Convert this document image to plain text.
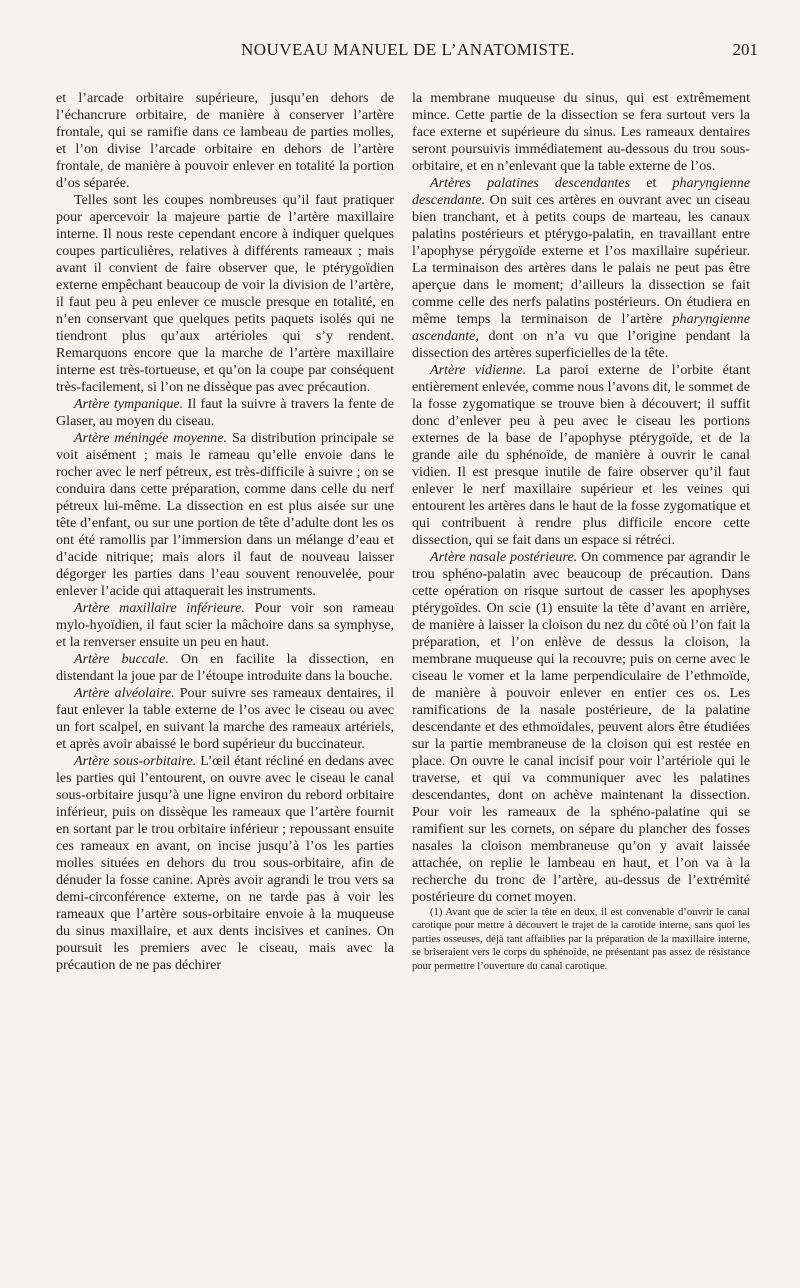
NOUVEAU MANUEL DE L’ANATOMISTE.	201

et l’arcade orbitaire supérieure, jusqu’en dehors de l’échancrure orbitaire, de manière à conserver l’artère frontale, qui se ramifie dans ce lambeau de parties molles, et l’on divise l’arcade orbitaire en dehors de l’artère frontale, de manière à pouvoir enlever en totalité la portion d’os séparée.

Telles sont les coupes nombreuses qu’il faut pratiquer pour apercevoir la majeure partie de l’artère maxillaire interne. Il nous reste cependant encore à indiquer quelques coupes particulières, relatives à différents rameaux ; mais avant il convient de faire observer que, le ptérygoïdien externe empêchant beaucoup de voir la division de l’artère, il faut peu à peu enlever ce muscle presque en totalité, en n’en conservant que quelques petits paquets isolés qui ne tiendront plus qu’aux artérioles qui s’y rendent. Remarquons encore que la marche de l’artère maxillaire interne est très-tortueuse, et qu’on la coupe par conséquent très-facilement, si l’on ne dissèque pas avec précaution.

Artère tympanique. Il faut la suivre à travers la fente de Glaser, au moyen du ciseau.

Artère méningée moyenne. Sa distribution principale se voit aisément ; mais le rameau qu’elle envoie dans le rocher avec le nerf pétreux, est très-difficile à suivre ; on se conduira dans cette préparation, comme dans celle du nerf pétreux lui-même. La dissection en est plus aisée sur une tête d’enfant, ou sur une portion de tête d’adulte dont les os ont été ramollis par l’immersion dans un mélange d’eau et d’acide nitrique; mais alors il faut de nouveau laisser dégorger les parties dans l’eau souvent renouvelée, pour enlever l’acide qui attaquerait les instruments.

Artère maxillaire inférieure. Pour voir son rameau mylo-hyoïdien, il faut scier la mâchoire dans sa symphyse, et la renverser ensuite un peu en haut.

Artère buccale. On en facilite la dissection, en distendant la joue par de l’étoupe introduite dans la bouche.

Artère alvéolaire. Pour suivre ses rameaux dentaires, il faut enlever la table externe de l’os avec le ciseau ou avec un fort scalpel, en suivant la marche des rameaux artériels, et après avoir abaissé le bord supérieur du buccinateur.

Artère sous-orbitaire. L’œil étant récliné en dedans avec les parties qui l’entourent, on ouvre avec le ciseau le canal sous-orbitaire jusqu’à une ligne environ du rebord orbitaire inférieur, puis on dissèque les rameaux que l’artère fournit en sortant par le trou orbitaire inférieur ; repoussant ensuite ces rameaux en avant, on incise jusqu’à l’os les parties molles situées en dehors du trou sous-orbitaire, afin de dénuder la fosse canine. Après avoir agrandi le trou vers sa demi-circonférence externe, on ne tarde pas à voir les rameaux que l’artère sous-orbitaire envoie à la muqueuse du sinus maxillaire, et aux dents incisives et canines. On poursuit les premiers avec le ciseau, mais avec la précaution de ne pas déchirer

la membrane muqueuse du sinus, qui est extrêmement mince. Cette partie de la dissection se fera surtout vers la face externe et supérieure du sinus. Les rameaux dentaires seront poursuivis immédiatement au-dessous du trou sous-orbitaire, et en n’enlevant que la table externe de l’os.

Artères palatines descendantes et pharyngienne descendante. On suit ces artères en ouvrant avec un ciseau bien tranchant, et à petits coups de marteau, les canaux palatins postérieurs et ptérygo-palatin, en travaillant entre l’apophyse pérygoïde externe et l’os maxillaire supérieur. La terminaison des artères dans le palais ne peut pas être aperçue dans le moment; d’ailleurs la dissection se fait comme celle des nerfs palatins postérieurs. On étudiera en même temps la terminaison de l’artère pharyngienne ascendante, dont on n’a vu que l’origine pendant la dissection des artères superficielles de la tête.

Artère vidienne. La paroi externe de l’orbite étant entièrement enlevée, comme nous l’avons dit, le sommet de la fosse zygomatique se trouve bien à découvert; il suffit donc d’enlever peu à peu avec le ciseau les portions externes de la base de l’apophyse ptérygoïde, et de la grande aile du sphénoïde, de manière à ouvrir le canal vidien. Il est presque inutile de faire observer qu’il faut enlever le nerf maxillaire supérieur et les veines qui entourent les artères dans le haut de la fosse zygomatique et qui contribuent à rendre plus difficile encore cette dissection, qui se fait dans un espace si rétréci.

Artère nasale postérieure. On commence par agrandir le trou sphéno-palatin avec beaucoup de précaution. Dans cette opération on risque surtout de casser les apophyses ptérygoïdes. On scie (1) ensuite la tête d’avant en arrière, de manière à laisser la cloison du nez du côté où l’on fait la préparation, et l’on enlève de dessus la cloison, la membrane muqueuse qui la recouvre; puis on cerne avec le ciseau le vomer et la lame perpendiculaire de l’ethmoïde, de manière à pouvoir enlever en entier ces os. Les ramifications de la nasale postérieure, de la palatine descendante et des ethmoïdales, peuvent alors être étudiées sur la partie membraneuse de la cloison qui est restée en place. On ouvre le canal incisif pour voir l’artériole qui le traverse, et qui va communiquer avec les palatines descendantes, dont on achève maintenant la dissection. Pour voir les rameaux de la sphéno-palatine qui se ramifient sur les cornets, on sépare du plancher des fosses nasales la cloison membraneuse qu’on y avait laissée attachée, on replie le lambeau en haut, et l’on va à la recherche du tronc de l’artère, au-dessus de l’extrémité postérieure du cornet moyen.

(1) Avant que de scier la tête en deux, il est convenable d’ouvrir le canal carotique pour mettre à découvert le trajet de la carotide interne, sans quoi les parties osseuses, déjà tant affaiblies par la préparation de la maxillaire interne, se briseraient vers le corps du sphénoïde, ne présentant pas assez de résistance pour permettre l’ouverture du canal carotique.
